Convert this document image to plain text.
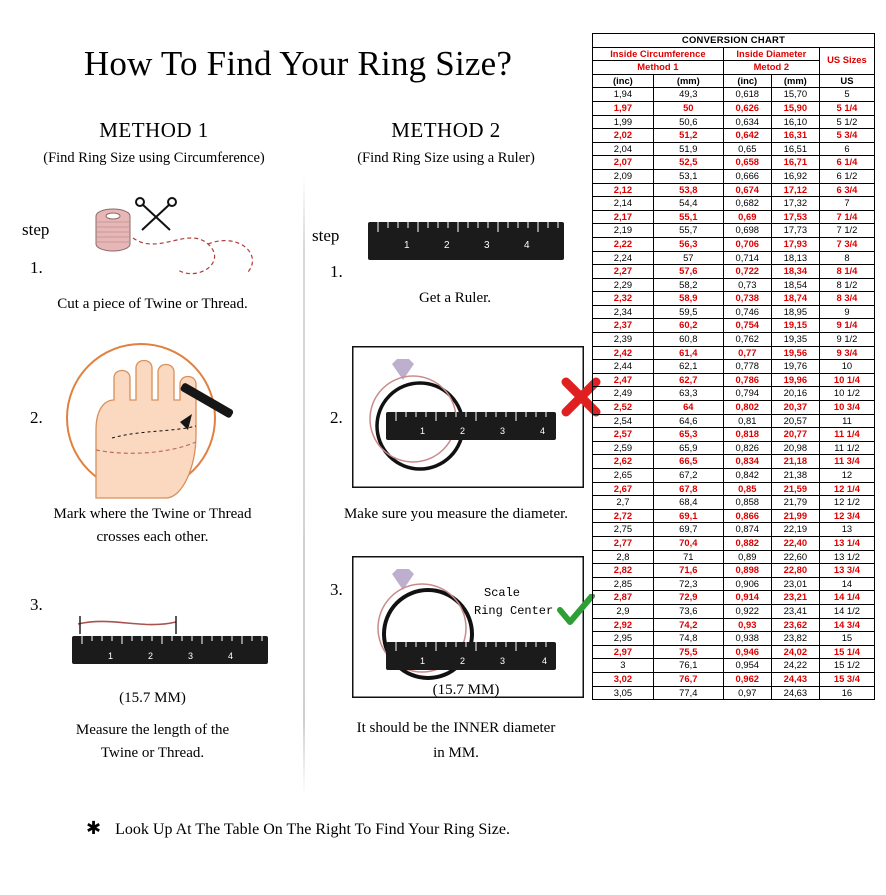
How To Find Your Ring Size?
METHOD 1
(Find Ring Size using Circumference)
step
1.
Cut a piece of Twine or Thread.
2.
Mark where the Twine or Thread
crosses each other.
3.
1	2	3	4
(15.7 MM)
Measure the length of the
Twine or Thread.
METHOD 2
(Find Ring Size using a Ruler)
step
1.
1	2	3	4
Get a Ruler.
2.
1	2	3	4
Make sure you measure the diameter.
3.
1	2	3	4
Scale
Ring Center
(15.7 MM)
It should be the INNER diameter
in MM.
✱ Look Up At The Table On The Right To Find Your Ring Size.
CONVERSION CHART				
Inside Circumference		Inside Diameter		US Sizes
Method 1		Metod 2		
(inc)	(mm)	(inc)	(mm)	US
1,94	49,3	0,618	15,70	5
1,97	50	0,626	15,90	5 1/4
1,99	50,6	0,634	16,10	5 1/2
2,02	51,2	0,642	16,31	5 3/4
2,04	51,9	0,65	16,51	6
2,07	52,5	0,658	16,71	6 1/4
2,09	53,1	0,666	16,92	6 1/2
2,12	53,8	0,674	17,12	6 3/4
2,14	54,4	0,682	17,32	7
2,17	55,1	0,69	17,53	7 1/4
2,19	55,7	0,698	17,73	7 1/2
2,22	56,3	0,706	17,93	7 3/4
2,24	57	0,714	18,13	8
2,27	57,6	0,722	18,34	8 1/4
2,29	58,2	0,73	18,54	8 1/2
2,32	58,9	0,738	18,74	8 3/4
2,34	59,5	0,746	18,95	9
2,37	60,2	0,754	19,15	9 1/4
2,39	60,8	0,762	19,35	9 1/2
2,42	61,4	0,77	19,56	9 3/4
2,44	62,1	0,778	19,76	10
2,47	62,7	0,786	19,96	10 1/4
2,49	63,3	0,794	20,16	10 1/2
2,52	64	0,802	20,37	10 3/4
2,54	64,6	0,81	20,57	11
2,57	65,3	0,818	20,77	11 1/4
2,59	65,9	0,826	20,98	11 1/2
2,62	66,5	0,834	21,18	11 3/4
2,65	67,2	0,842	21,38	12
2,67	67,8	0,85	21,59	12 1/4
2,7	68,4	0,858	21,79	12 1/2
2,72	69,1	0,866	21,99	12 3/4
2,75	69,7	0,874	22,19	13
2,77	70,4	0,882	22,40	13 1/4
2,8	71	0,89	22,60	13 1/2
2,82	71,6	0,898	22,80	13 3/4
2,85	72,3	0,906	23,01	14
2,87	72,9	0,914	23,21	14 1/4
2,9	73,6	0,922	23,41	14 1/2
2,92	74,2	0,93	23,62	14 3/4
2,95	74,8	0,938	23,82	15
2,97	75,5	0,946	24,02	15 1/4
3	76,1	0,954	24,22	15 1/2
3,02	76,7	0,962	24,43	15 3/4
3,05	77,4	0,97	24,63	16
